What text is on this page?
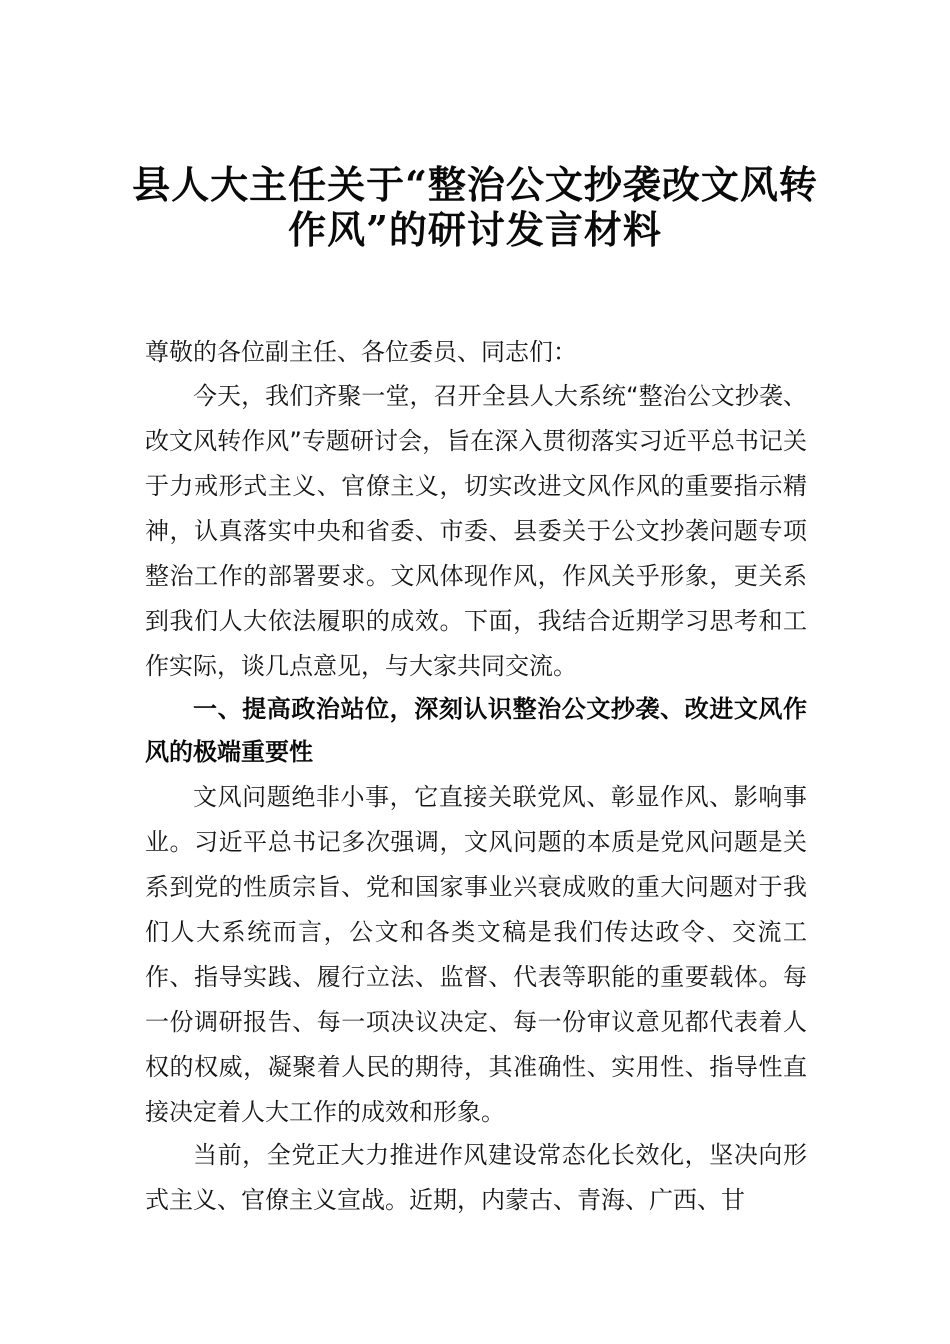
县人大主任关于“整治公文抄袭改文风转
作风”的研讨发言材料
尊敬的各位副主任、各位委员、同志们：

今天，我们齐聚一堂，召开全县人大系统“整治公文抄袭、改文风转作风”专题研讨会，旨在深入贯彻落实习近平总书记关于力戒形式主义、官僚主义，切实改进文风作风的重要指示精神，认真落实中央和省委、市委、县委关于公文抄袭问题专项整治工作的部署要求。文风体现作风，作风关乎形象，更关系到我们人大依法履职的成效。下面，我结合近期学习思考和工作实际，谈几点意见，与大家共同交流。

一、提高政治站位，深刻认识整治公文抄袭、改进文风作风的极端重要性

文风问题绝非小事，它直接关联党风、彰显作风、影响事业。习近平总书记多次强调，文风问题的本质是党风问题是关系到党的性质宗旨、党和国家事业兴衰成败的重大问题对于我们人大系统而言，公文和各类文稿是我们传达政令、交流工作、指导实践、履行立法、监督、代表等职能的重要载体。每一份调研报告、每一项决议决定、每一份审议意见都代表着人权的权威，凝聚着人民的期待，其准确性、实用性、指导性直接决定着人大工作的成效和形象。

当前，全党正大力推进作风建设常态化长效化，坚决向形式主义、官僚主义宣战。近期，内蒙古、青海、广西、甘
